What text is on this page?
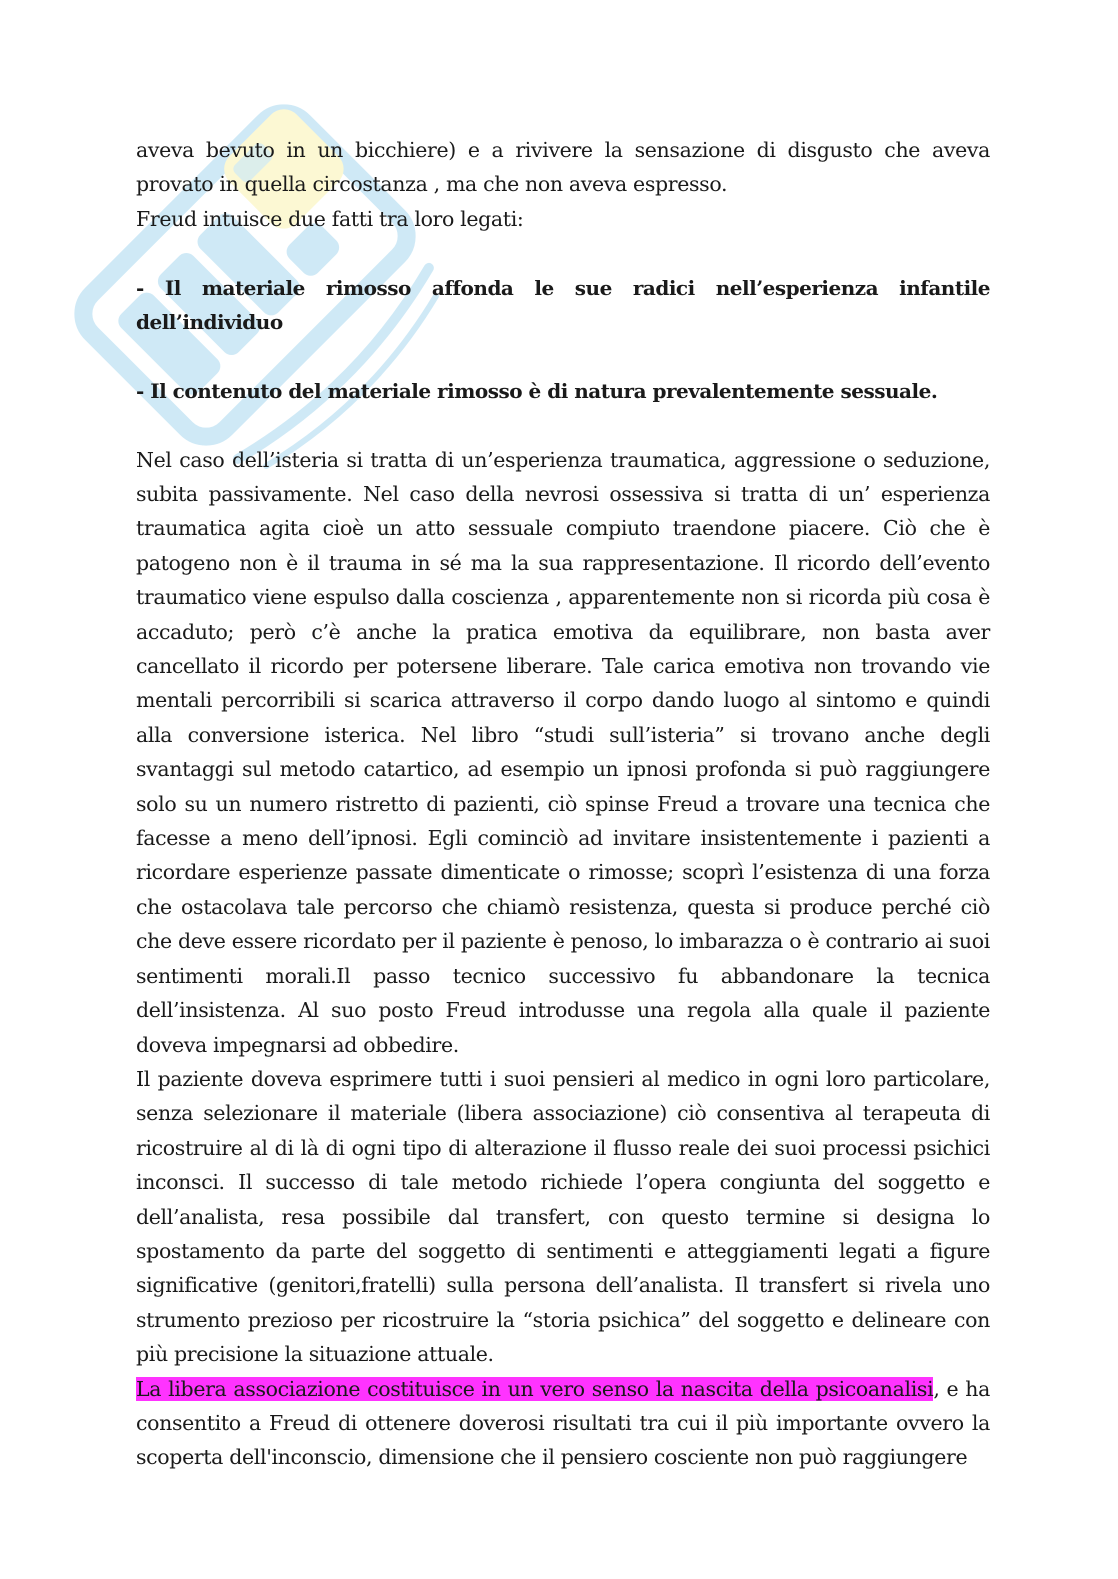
aveva bevuto in un bicchiere) e a rivivere la sensazione di disgusto che aveva provato in quella circostanza , ma che non aveva espresso.

Freud intuisce due fatti tra loro legati:

- Il materiale rimosso affonda le sue radici nell’esperienza infantile dell’individuo

- Il contenuto del materiale rimosso è di natura prevalentemente sessuale.

Nel caso dell’isteria si tratta di un’esperienza traumatica, aggressione o seduzione, subita passivamente. Nel caso della nevrosi ossessiva si tratta di un’ esperienza traumatica agita cioè un atto sessuale compiuto traendone piacere. Ciò che è patogeno non è il trauma in sé ma la sua rappresentazione. Il ricordo dell’evento traumatico viene espulso dalla coscienza , apparentemente non si ricorda più cosa è accaduto; però c’è anche la pratica emotiva da equilibrare, non basta aver cancellato il ricordo per potersene liberare. Tale carica emotiva non trovando vie mentali percorribili si scarica attraverso il corpo dando luogo al sintomo e quindi alla conversione isterica. Nel libro “studi sull’isteria” si trovano anche degli svantaggi sul metodo catartico, ad esempio un ipnosi profonda si può raggiungere solo su un numero ristretto di pazienti, ciò spinse Freud a trovare una tecnica che facesse a meno dell’ipnosi. Egli cominciò ad invitare insistentemente i pazienti a ricordare esperienze passate dimenticate o rimosse; scoprì l’esistenza di una forza che ostacolava tale percorso che chiamò resistenza, questa si produce perché ciò che deve essere ricordato per il paziente è penoso, lo imbarazza o è contrario ai suoi sentimenti morali.Il passo tecnico successivo fu abbandonare la tecnica dell’insistenza. Al suo posto Freud introdusse una regola alla quale il paziente doveva impegnarsi ad obbedire.

Il paziente doveva esprimere tutti i suoi pensieri al medico in ogni loro particolare, senza selezionare il materiale (libera associazione) ciò consentiva al terapeuta di ricostruire al di là di ogni tipo di alterazione il flusso reale dei suoi processi psichici inconsci. Il successo di tale metodo richiede l’opera congiunta del soggetto e dell’analista, resa possibile dal transfert, con questo termine si designa lo spostamento da parte del soggetto di sentimenti e atteggiamenti legati a figure significative (genitori,fratelli) sulla persona dell’analista. Il transfert si rivela uno strumento prezioso per ricostruire la “storia psichica” del soggetto e delineare con più precisione la situazione attuale.

La libera associazione costituisce in un vero senso la nascita della psicoanalisi, e ha consentito a Freud di ottenere doverosi risultati tra cui il più importante ovvero la scoperta dell'inconscio, dimensione che il pensiero cosciente non può raggiungere
